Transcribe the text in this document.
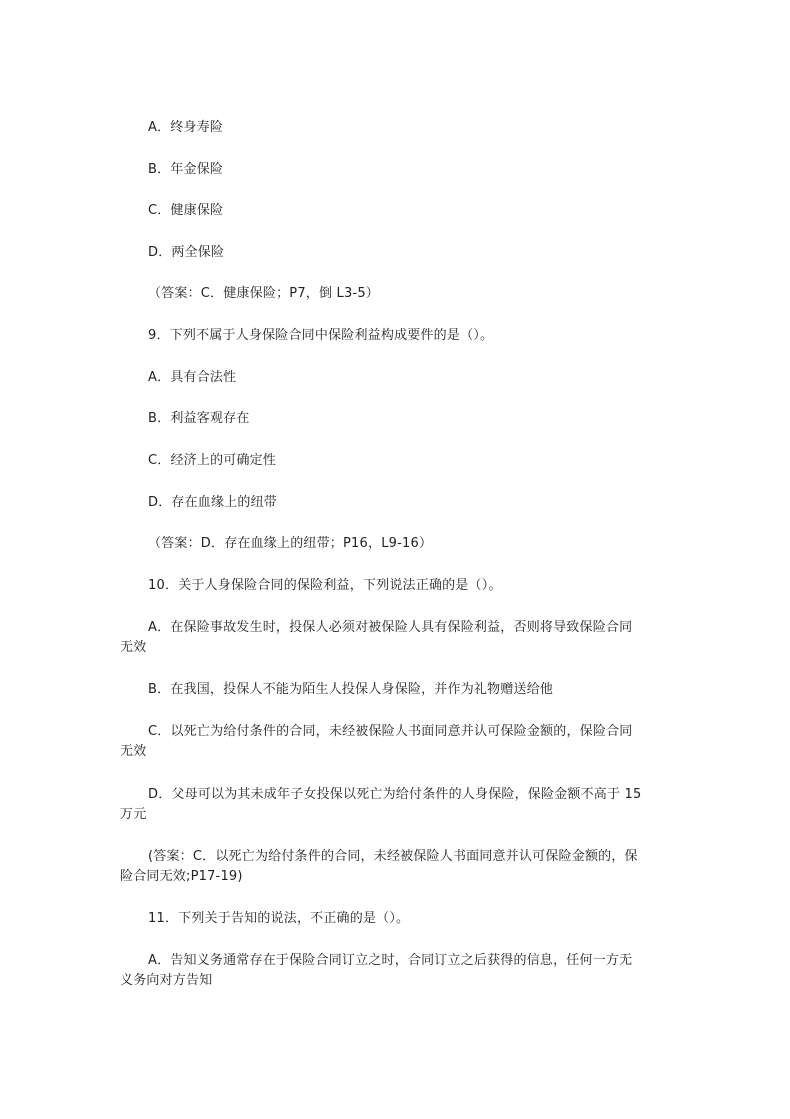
A．终身寿险
B．年金保险
C．健康保险
D．两全保险
（答案：C．健康保险；P7，倒 L3-5）
9．下列不属于人身保险合同中保险利益构成要件的是（）。
A．具有合法性
B．利益客观存在
C．经济上的可确定性
D．存在血缘上的纽带
（答案：D．存在血缘上的纽带；P16，L9-16）
10．关于人身保险合同的保险利益，下列说法正确的是（）。
A．在保险事故发生时，投保人必须对被保险人具有保险利益，否则将导致保险合同
无效
B．在我国，投保人不能为陌生人投保人身保险，并作为礼物赠送给他
C．以死亡为给付条件的合同，未经被保险人书面同意并认可保险金额的，保险合同
无效
D．父母可以为其未成年子女投保以死亡为给付条件的人身保险，保险金额不高于 15
万元
(答案：C．以死亡为给付条件的合同，未经被保险人书面同意并认可保险金额的，保
险合同无效;P17-19)
11．下列关于告知的说法，不正确的是（）。
A．告知义务通常存在于保险合同订立之时，合同订立之后获得的信息，任何一方无
义务向对方告知
